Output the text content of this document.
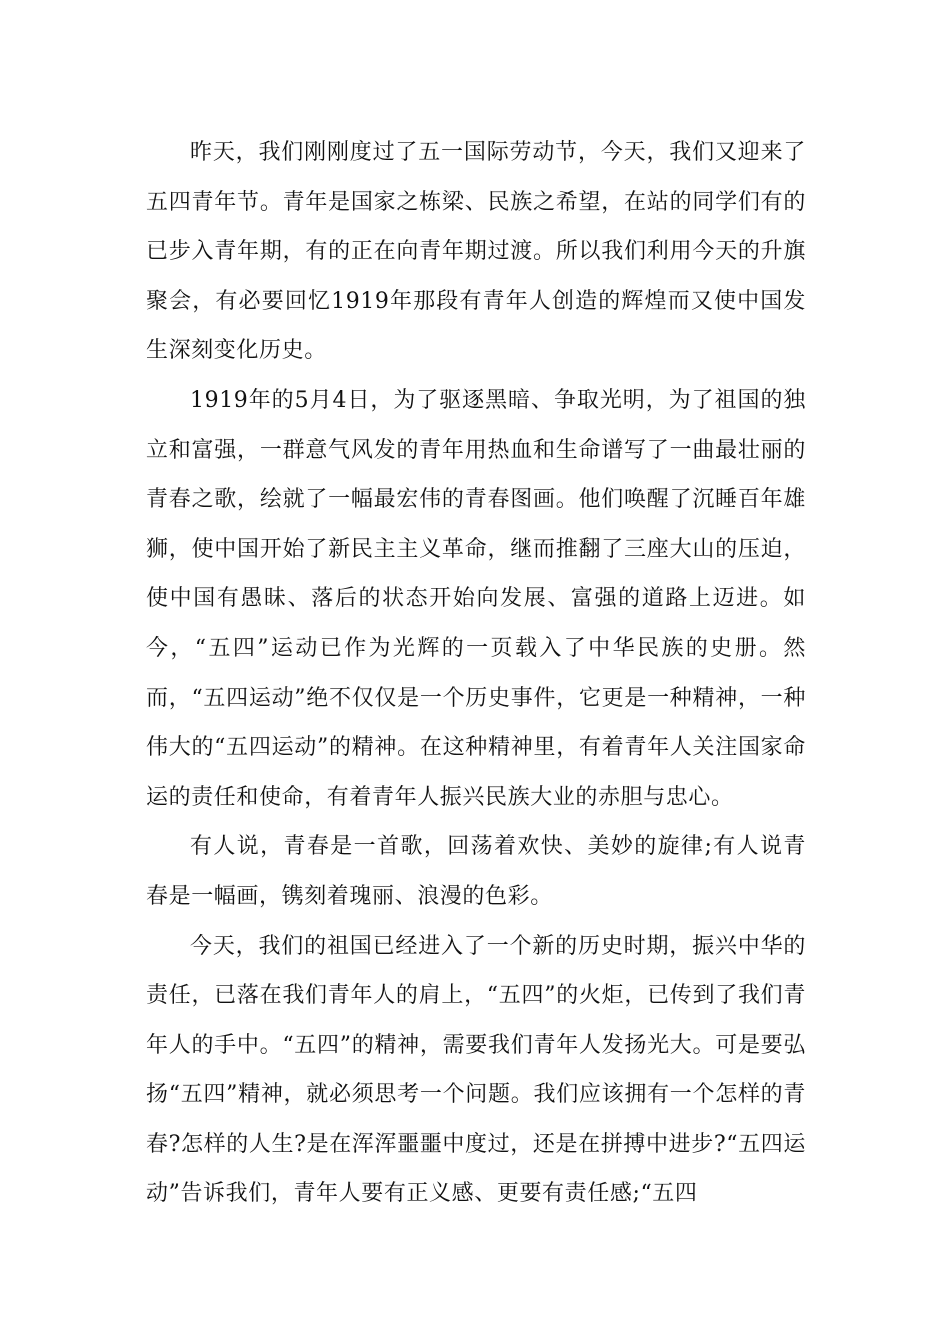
昨天，我们刚刚度过了五一国际劳动节，今天，我们又迎来了五四青年节。青年是国家之栋梁、民族之希望，在站的同学们有的已步入青年期，有的正在向青年期过渡。所以我们利用今天的升旗聚会，有必要回忆1919年那段有青年人创造的辉煌而又使中国发生深刻变化历史。

1919年的5月4日，为了驱逐黑暗、争取光明，为了祖国的独立和富强，一群意气风发的青年用热血和生命谱写了一曲最壮丽的青春之歌，绘就了一幅最宏伟的青春图画。他们唤醒了沉睡百年雄狮，使中国开始了新民主主义革命，继而推翻了三座大山的压迫，使中国有愚昧、落后的状态开始向发展、富强的道路上迈进。如今，“五四”运动已作为光辉的一页载入了中华民族的史册。然而，“五四运动”绝不仅仅是一个历史事件，它更是一种精神，一种伟大的“五四运动”的精神。在这种精神里，有着青年人关注国家命运的责任和使命，有着青年人振兴民族大业的赤胆与忠心。

有人说，青春是一首歌，回荡着欢快、美妙的旋律;有人说青春是一幅画，镌刻着瑰丽、浪漫的色彩。

今天，我们的祖国已经进入了一个新的历史时期，振兴中华的责任，已落在我们青年人的肩上，“五四”的火炬，已传到了我们青年人的手中。“五四”的精神，需要我们青年人发扬光大。可是要弘扬“五四”精神，就必须思考一个问题。我们应该拥有一个怎样的青春?怎样的人生?是在浑浑噩噩中度过，还是在拼搏中进步?“五四运动”告诉我们，青年人要有正义感、更要有责任感;“五四
